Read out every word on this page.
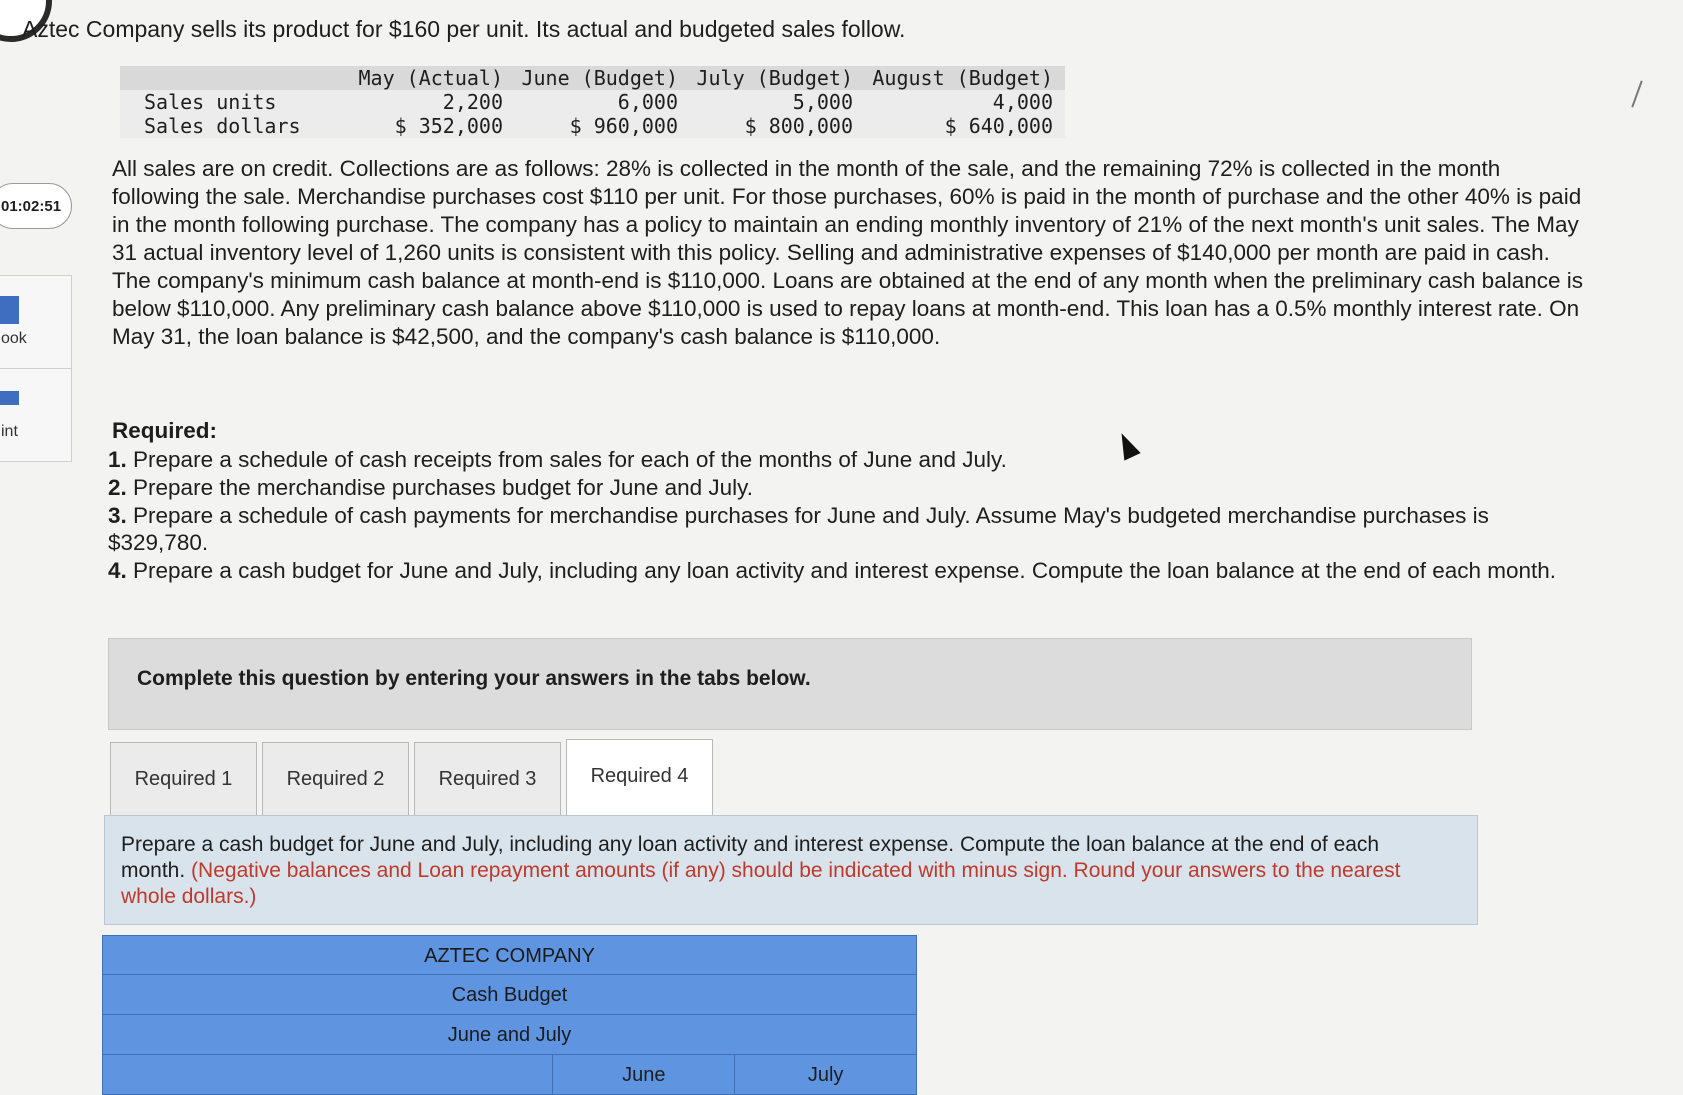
01:02:51
ook
int
Aztec Company sells its product for $160 per unit. Its actual and budgeted sales follow.
May (Actual) June (Budget) July (Budget) August (Budget)
Sales units	2,200	6,000	5,000	4,000
Sales dollars	$ 352,000	$ 960,000	$ 800,000	$ 640,000
All sales are on credit. Collections are as follows: 28% is collected in the month of the sale, and the remaining 72% is collected in the month following the sale. Merchandise purchases cost $110 per unit. For those purchases, 60% is paid in the month of purchase and the other 40% is paid in the month following purchase. The company has a policy to maintain an ending monthly inventory of 21% of the next month's unit sales. The May 31 actual inventory level of 1,260 units is consistent with this policy. Selling and administrative expenses of $140,000 per month are paid in cash. The company's minimum cash balance at month-end is $110,000. Loans are obtained at the end of any month when the preliminary cash balance is below $110,000. Any preliminary cash balance above $110,000 is used to repay loans at month-end. This loan has a 0.5% monthly interest rate. On May 31, the loan balance is $42,500, and the company's cash balance is $110,000.
Required:
1. Prepare a schedule of cash receipts from sales for each of the months of June and July.
2. Prepare the merchandise purchases budget for June and July.
3. Prepare a schedule of cash payments for merchandise purchases for June and July. Assume May's budgeted merchandise purchases is $329,780.
4. Prepare a cash budget for June and July, including any loan activity and interest expense. Compute the loan balance at the end of each month.
Complete this question by entering your answers in the tabs below.
Required 1	Required 2	Required 3	Required 4

Prepare a cash budget for June and July, including any loan activity and interest expense. Compute the loan balance at the end of each month. (Negative balances and Loan repayment amounts (if any) should be indicated with minus sign. Round your answers to the nearest whole dollars.)

AZTEC COMPANY
Cash Budget
June and July
June	July
